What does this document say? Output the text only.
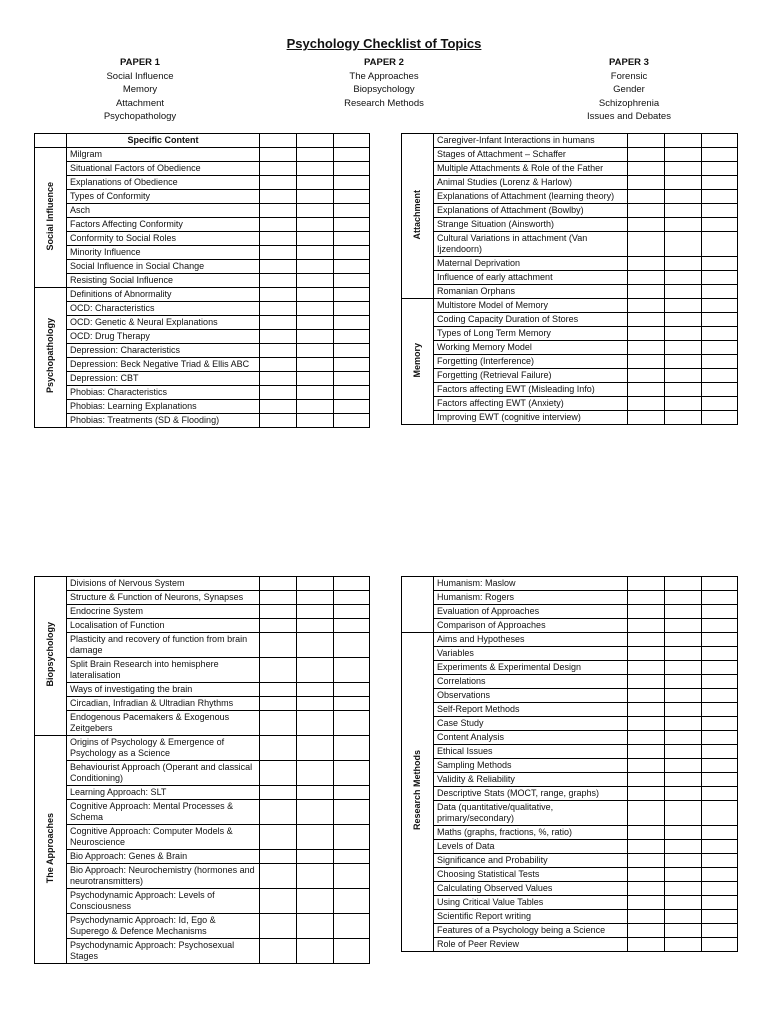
Psychology Checklist of Topics
PAPER 1
Social Influence
Memory
Attachment
Psychopathology
PAPER 2
The Approaches
Biopsychology
Research Methods
PAPER 3
Forensic
Gender
Schizophrenia
Issues and Debates
	Specific Content			
Social Influence	Milgram			
	Situational Factors of Obedience			
	Explanations of Obedience			
	Types of Conformity			
	Asch			
	Factors Affecting Conformity			
	Conformity to Social Roles			
	Minority Influence			
	Social Influence in Social Change			
	Resisting Social Influence			
Psychopathology	Definitions of Abnormality			
	OCD: Characteristics			
	OCD: Genetic & Neural Explanations			
	OCD: Drug Therapy			
	Depression: Characteristics			
	Depression: Beck Negative Triad & Ellis ABC			
	Depression: CBT			
	Phobias: Characteristics			
	Phobias: Learning Explanations			
	Phobias: Treatments (SD & Flooding)			
Attachment	Caregiver-Infant Interactions in humans			
	Stages of Attachment – Schaffer			
	Multiple Attachments & Role of the Father			
	Animal Studies (Lorenz & Harlow)			
	Explanations of Attachment (learning theory)			
	Explanations of Attachment (Bowlby)			
	Strange Situation (Ainsworth)			
	Cultural Variations in attachment (Van Ijzendoorn)			
	Maternal Deprivation			
	Influence of early attachment			
	Romanian Orphans			
Memory	Multistore Model of Memory			
	Coding Capacity Duration of Stores			
	Types of Long Term Memory			
	Working Memory Model			
	Forgetting (Interference)			
	Forgetting (Retrieval Failure)			
	Factors affecting EWT (Misleading Info)			
	Factors affecting EWT (Anxiety)			
	Improving EWT (cognitive interview)			
Biopsychology	Divisions of Nervous System			
	Structure & Function of Neurons, Synapses			
	Endocrine System			
	Localisation of Function			
	Plasticity and recovery of function from brain damage			
	Split Brain Research into hemisphere lateralisation			
	Ways of investigating the brain			
	Circadian, Infradian & Ultradian Rhythms			
	Endogenous Pacemakers & Exogenous Zeitgebers			
The Approaches	Origins of Psychology & Emergence of Psychology as a Science			
	Behaviourist Approach (Operant and classical Conditioning)			
	Learning Approach: SLT			
	Cognitive Approach: Mental Processes & Schema			
	Cognitive Approach: Computer Models & Neuroscience			
	Bio Approach: Genes & Brain			
	Bio Approach: Neurochemistry (hormones and neurotransmitters)			
	Psychodynamic Approach: Levels of Consciousness			
	Psychodynamic Approach: Id, Ego & Superego & Defence Mechanisms			
	Psychodynamic Approach: Psychosexual Stages			
	Humanism: Maslow			
	Humanism: Rogers			
	Evaluation of Approaches			
	Comparison of Approaches			
Research Methods	Aims and Hypotheses			
	Variables			
	Experiments & Experimental Design			
	Correlations			
	Observations			
	Self-Report Methods			
	Case Study			
	Content Analysis			
	Ethical Issues			
	Sampling Methods			
	Validity & Reliability			
	Descriptive Stats (MOCT, range, graphs)			
	Data (quantitative/qualitative, primary/secondary)			
	Maths (graphs, fractions, %, ratio)			
	Levels of Data			
	Significance and Probability			
	Choosing Statistical Tests			
	Calculating Observed Values			
	Using Critical Value Tables			
	Scientific Report writing			
	Features of a Psychology being a Science			
	Role of Peer Review			
